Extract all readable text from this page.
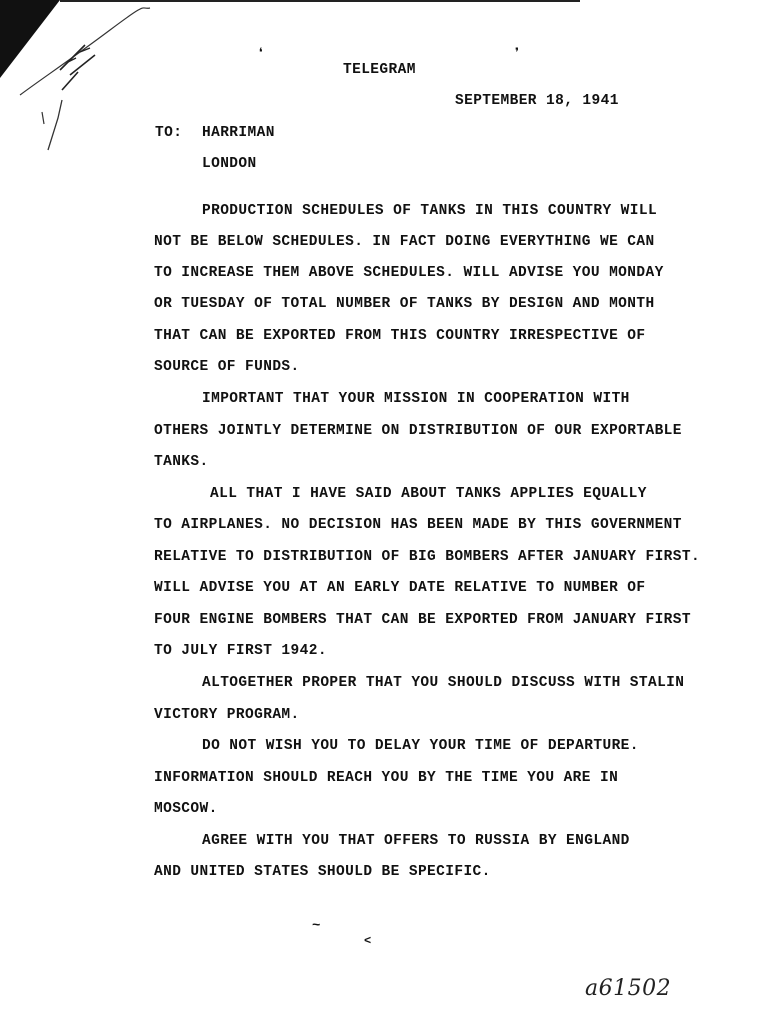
❛	❜
~
<
TELEGRAM
SEPTEMBER 18, 1941
TO: HARRIMAN
LONDON
PRODUCTION SCHEDULES OF TANKS IN THIS COUNTRY WILL
NOT BE BELOW SCHEDULES. IN FACT DOING EVERYTHING WE CAN
TO INCREASE THEM ABOVE SCHEDULES. WILL ADVISE YOU MONDAY
OR TUESDAY OF TOTAL NUMBER OF TANKS BY DESIGN AND MONTH
THAT CAN BE EXPORTED FROM THIS COUNTRY IRRESPECTIVE OF
SOURCE OF FUNDS.
IMPORTANT THAT YOUR MISSION IN COOPERATION WITH
OTHERS JOINTLY DETERMINE ON DISTRIBUTION OF OUR EXPORTABLE
TANKS.
ALL THAT I HAVE SAID ABOUT TANKS APPLIES EQUALLY
TO AIRPLANES. NO DECISION HAS BEEN MADE BY THIS GOVERNMENT
RELATIVE TO DISTRIBUTION OF BIG BOMBERS AFTER JANUARY FIRST.
WILL ADVISE YOU AT AN EARLY DATE RELATIVE TO NUMBER OF
FOUR ENGINE BOMBERS THAT CAN BE EXPORTED FROM JANUARY FIRST
TO JULY FIRST 1942.
ALTOGETHER PROPER THAT YOU SHOULD DISCUSS WITH STALIN
VICTORY PROGRAM.
DO NOT WISH YOU TO DELAY YOUR TIME OF DEPARTURE.
INFORMATION SHOULD REACH YOU BY THE TIME YOU ARE IN
MOSCOW.
AGREE WITH YOU THAT OFFERS TO RUSSIA BY ENGLAND
AND UNITED STATES SHOULD BE SPECIFIC.
a61502
